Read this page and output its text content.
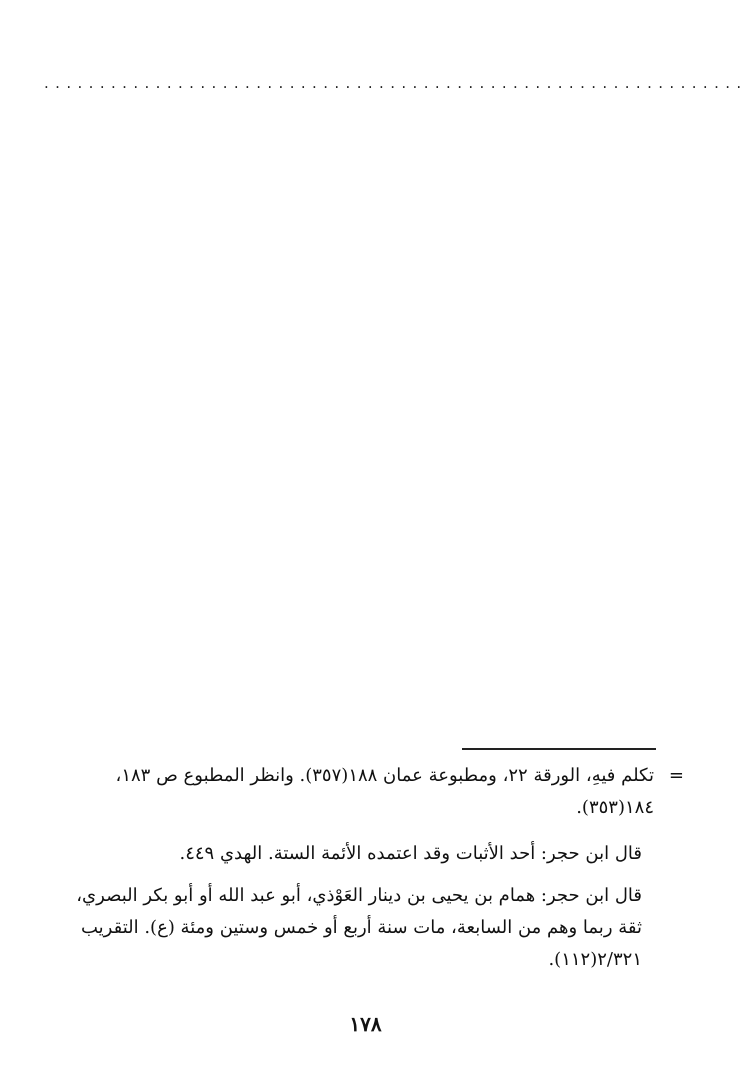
...............................................................

=
تكلم فيهِ، الورقة ٢٢، ومطبوعة عمان ١٨٨(٣٥٧). وانظر المطبوع ص ١٨٣، ١٨٤(٣٥٣).

قال ابن حجر: أحد الأثبات وقد اعتمده الأئمة الستة. الهدي ٤٤٩.

قال ابن حجر: همام بن يحيى بن دينار العَوْذي، أبو عبد الله أو أبو بكر البصري، ثقة ربما وهم من السابعة، مات سنة أربع أو خمس وستين ومئة (ع). التقريب ٢/٣٢١(١١٢).

١٧٨
